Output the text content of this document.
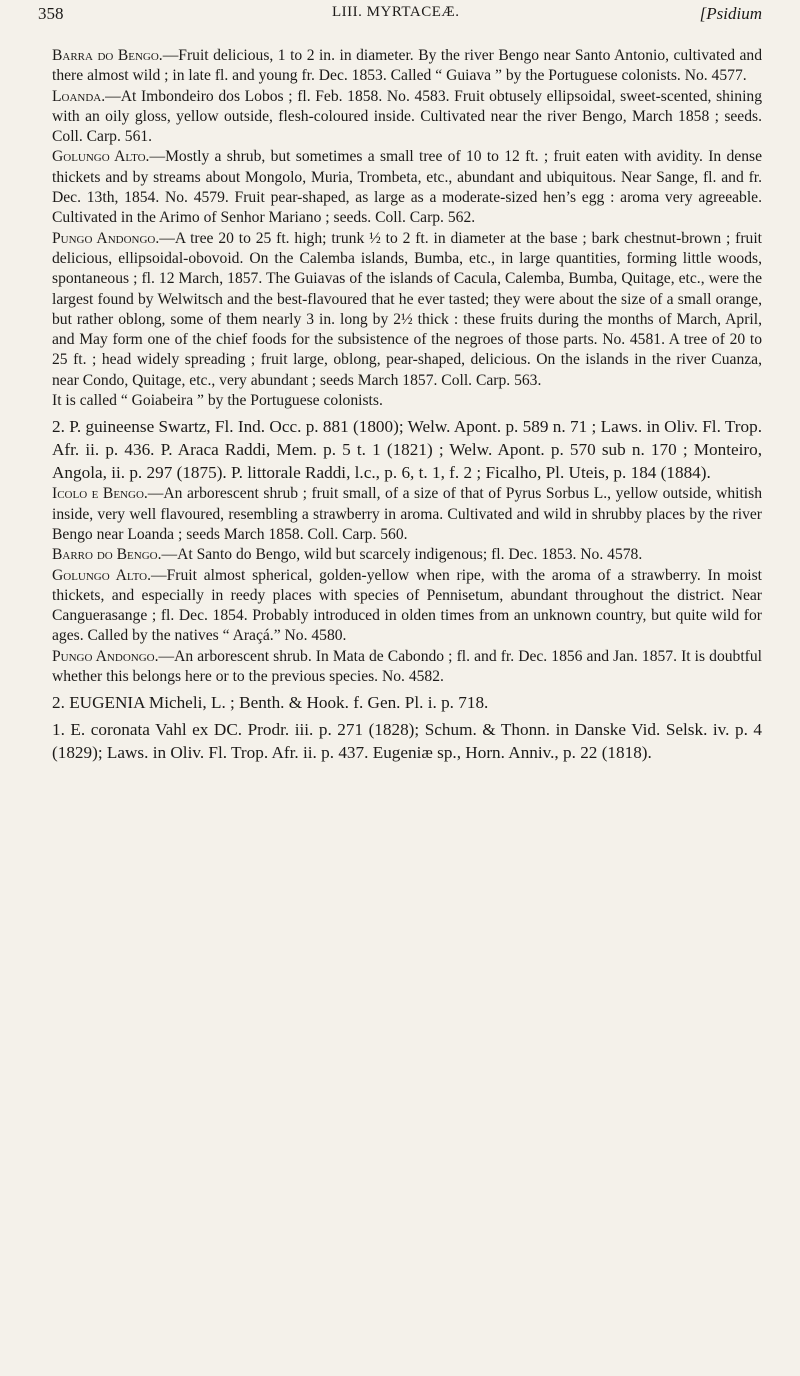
358	LIII. MYRTACEÆ.	[Psidium

Barra do Bengo.—Fruit delicious, 1 to 2 in. in diameter. By the river Bengo near Santo Antonio, cultivated and there almost wild ; in late fl. and young fr. Dec. 1853. Called “ Guiava ” by the Portuguese colonists. No. 4577.

Loanda.—At Imbondeiro dos Lobos ; fl. Feb. 1858. No. 4583. Fruit obtusely ellipsoidal, sweet-scented, shining with an oily gloss, yellow outside, flesh-coloured inside. Cultivated near the river Bengo, March 1858 ; seeds. Coll. Carp. 561.

Golungo Alto.—Mostly a shrub, but sometimes a small tree of 10 to 12 ft. ; fruit eaten with avidity. In dense thickets and by streams about Mongolo, Muria, Trombeta, etc., abundant and ubiquitous. Near Sange, fl. and fr. Dec. 13th, 1854. No. 4579. Fruit pear-shaped, as large as a moderate-sized hen’s egg : aroma very agreeable. Cultivated in the Arimo of Senhor Mariano ; seeds. Coll. Carp. 562.

Pungo Andongo.—A tree 20 to 25 ft. high; trunk ½ to 2 ft. in diameter at the base ; bark chestnut-brown ; fruit delicious, ellipsoidal-obovoid. On the Calemba islands, Bumba, etc., in large quantities, forming little woods, spontaneous ; fl. 12 March, 1857. The Guiavas of the islands of Cacula, Calemba, Bumba, Quitage, etc., were the largest found by Welwitsch and the best-flavoured that he ever tasted; they were about the size of a small orange, but rather oblong, some of them nearly 3 in. long by 2½ thick : these fruits during the months of March, April, and May form one of the chief foods for the subsistence of the negroes of those parts. No. 4581. A tree of 20 to 25 ft. ; head widely spreading ; fruit large, oblong, pear-shaped, delicious. On the islands in the river Cuanza, near Condo, Quitage, etc., very abundant ; seeds March 1857. Coll. Carp. 563.

It is called “ Goiabeira ” by the Portuguese colonists.

2. P. guineense Swartz, Fl. Ind. Occ. p. 881 (1800); Welw. Apont. p. 589 n. 71 ; Laws. in Oliv. Fl. Trop. Afr. ii. p. 436. P. Araca Raddi, Mem. p. 5 t. 1 (1821) ; Welw. Apont. p. 570 sub n. 170 ; Monteiro, Angola, ii. p. 297 (1875). P. littorale Raddi, l.c., p. 6, t. 1, f. 2 ; Ficalho, Pl. Uteis, p. 184 (1884).

Icolo e Bengo.—An arborescent shrub ; fruit small, of a size of that of Pyrus Sorbus L., yellow outside, whitish inside, very well flavoured, resembling a strawberry in aroma. Cultivated and wild in shrubby places by the river Bengo near Loanda ; seeds March 1858. Coll. Carp. 560.

Barro do Bengo.—At Santo do Bengo, wild but scarcely indigenous; fl. Dec. 1853. No. 4578.

Golungo Alto.—Fruit almost spherical, golden-yellow when ripe, with the aroma of a strawberry. In moist thickets, and especially in reedy places with species of Pennisetum, abundant throughout the district. Near Canguerasange ; fl. Dec. 1854. Probably introduced in olden times from an unknown country, but quite wild for ages. Called by the natives “ Araçá.” No. 4580.

Pungo Andongo.—An arborescent shrub. In Mata de Cabondo ; fl. and fr. Dec. 1856 and Jan. 1857. It is doubtful whether this belongs here or to the previous species. No. 4582.

2. EUGENIA Micheli, L. ; Benth. & Hook. f. Gen. Pl. i. p. 718.

1. E. coronata Vahl ex DC. Prodr. iii. p. 271 (1828); Schum. & Thonn. in Danske Vid. Selsk. iv. p. 4 (1829); Laws. in Oliv. Fl. Trop. Afr. ii. p. 437. Eugeniæ sp., Horn. Anniv., p. 22 (1818).
